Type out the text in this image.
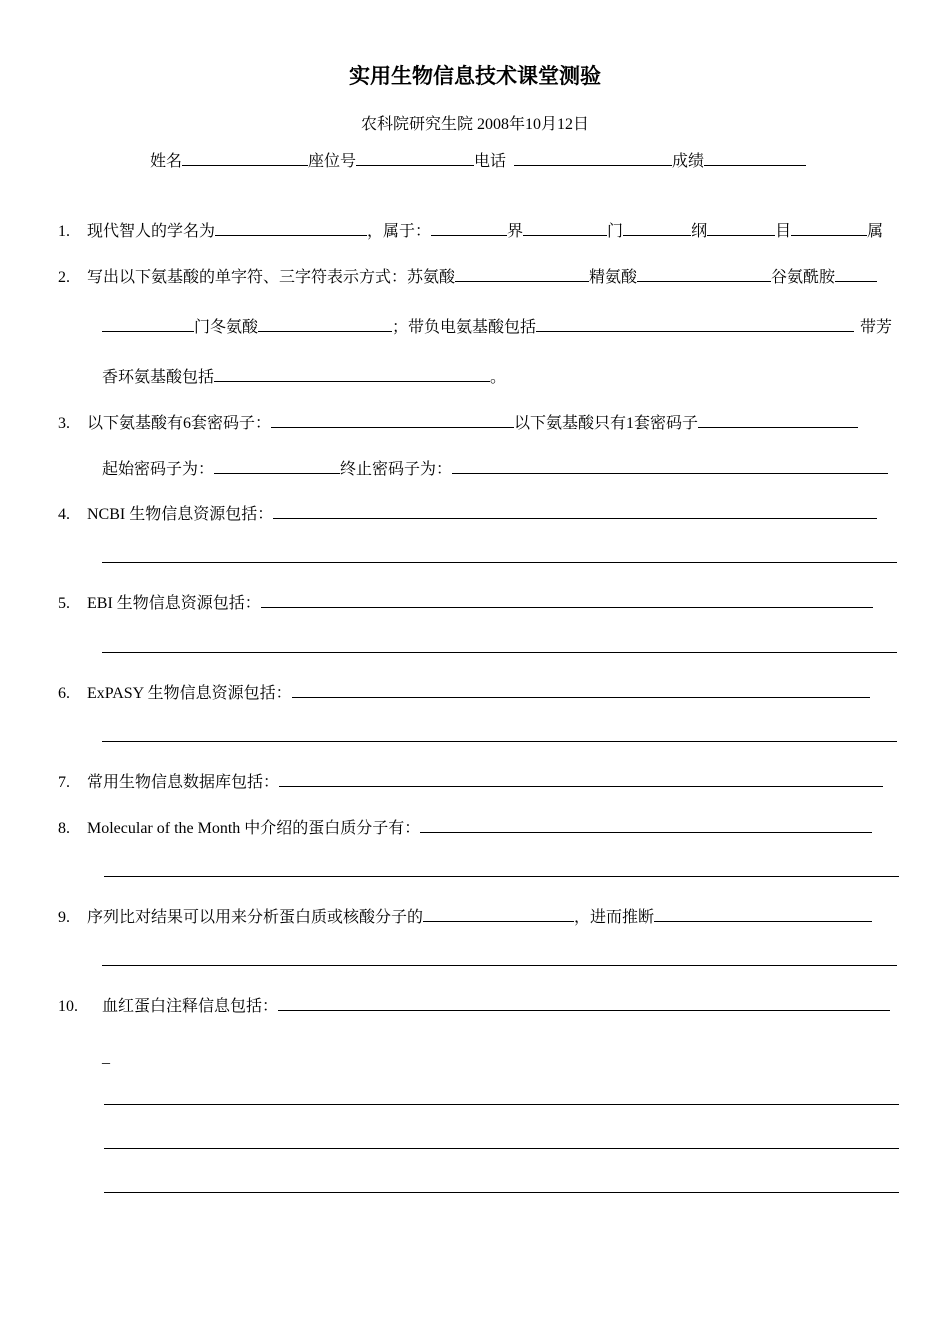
实用生物信息技术课堂测验
农科院研究生院 2008年10月12日
姓名	座位号	电话	成绩
1. 现代智人的学名为	，属于：	界	门	纲	目	属
2. 写出以下氨基酸的单字符、三字符表示方式：苏氨酸	精氨酸	谷氨酰胺
门冬氨酸	；带负电氨基酸包括	带芳
香环氨基酸包括	。
3. 以下氨基酸有6套密码子：	以下氨基酸只有1套密码子
起始密码子为：	终止密码子为：
4. NCBI 生物信息资源包括：
5. EBI 生物信息资源包括：
6. ExPASY 生物信息资源包括：
7. 常用生物信息数据库包括：
8. Molecular of the Month 中介绍的蛋白质分子有：
9. 序列比对结果可以用来分析蛋白质或核酸分子的	，进而推断
10. 血红蛋白注释信息包括：
_
